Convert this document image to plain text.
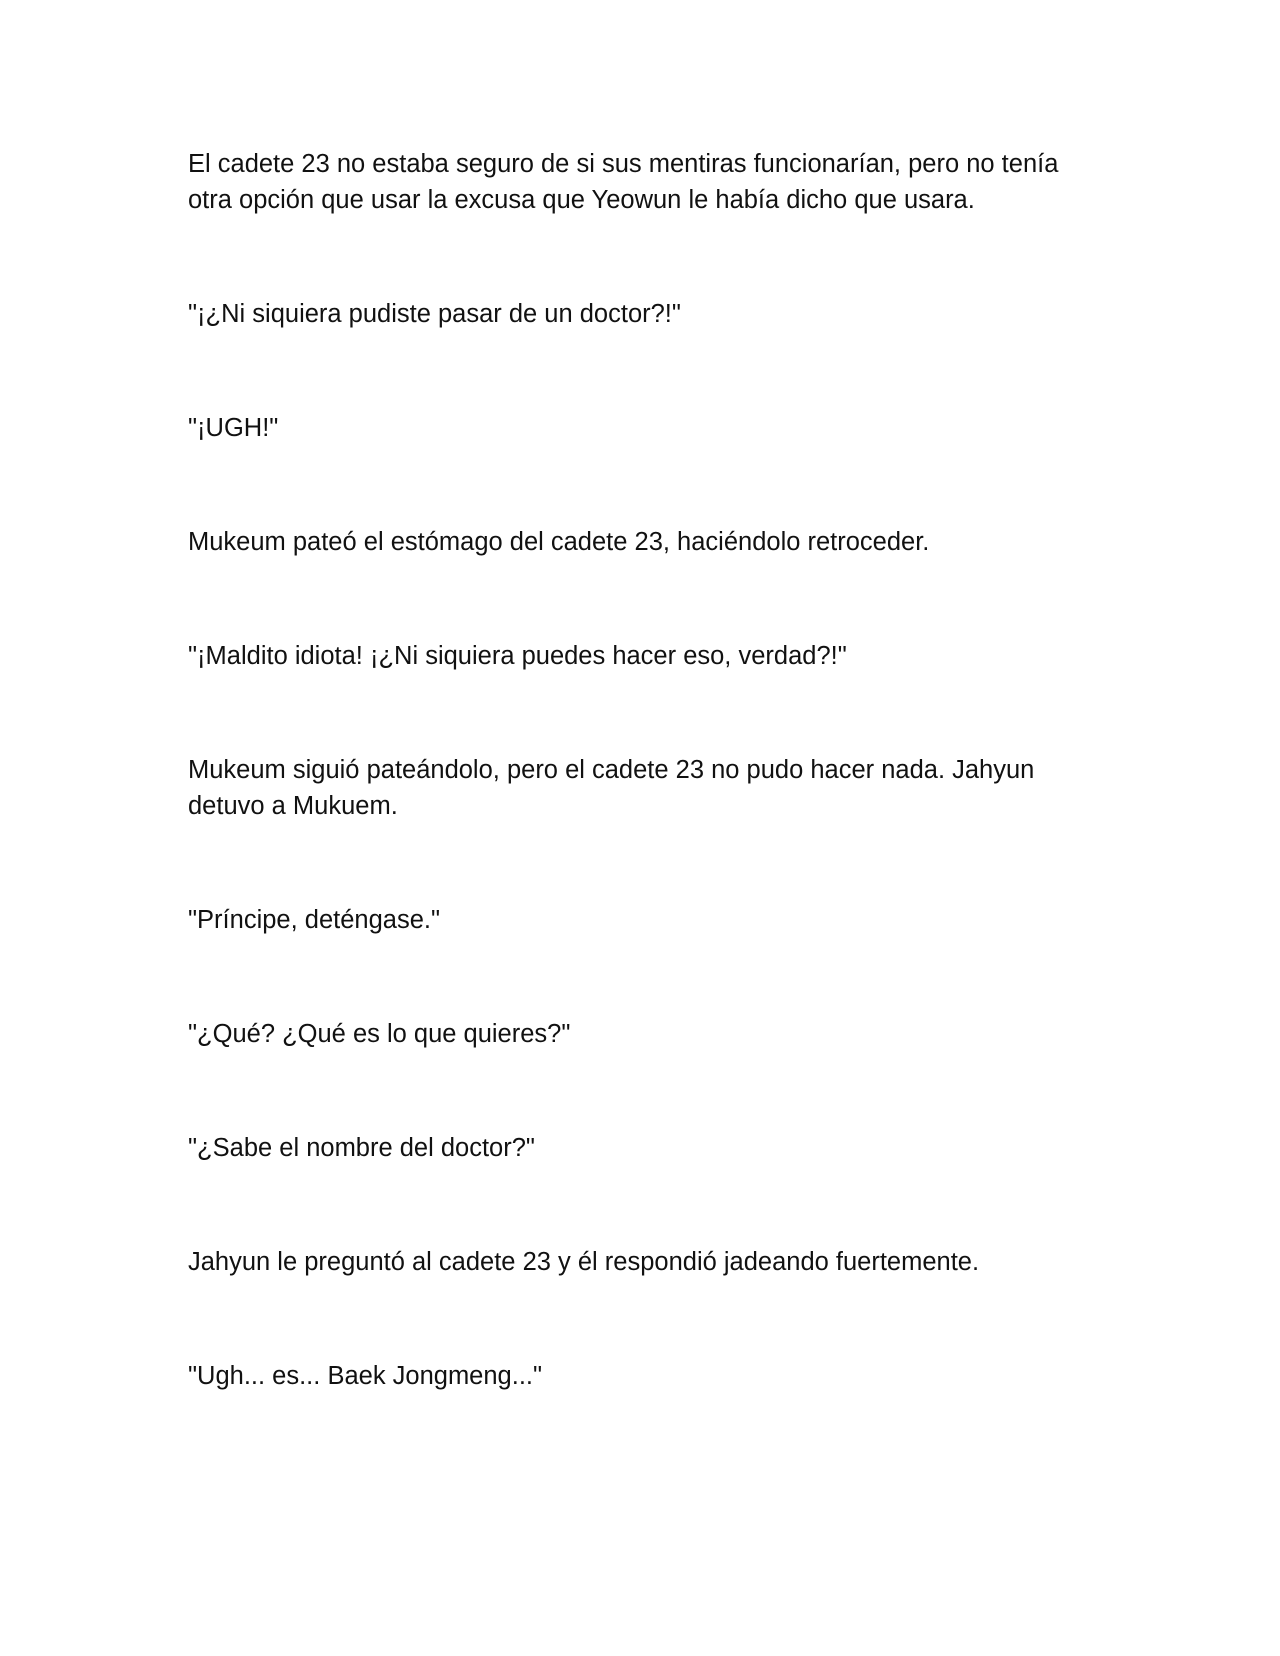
El cadete 23 no estaba seguro de si sus mentiras funcionarían, pero no tenía otra opción que usar la excusa que Yeowun le había dicho que usara.

"¡¿Ni siquiera pudiste pasar de un doctor?!"

"¡UGH!"

Mukeum pateó el estómago del cadete 23, haciéndolo retroceder.

"¡Maldito idiota! ¡¿Ni siquiera puedes hacer eso, verdad?!"

Mukeum siguió pateándolo, pero el cadete 23 no pudo hacer nada. Jahyun detuvo a Mukuem.

"Príncipe, deténgase."

"¿Qué? ¿Qué es lo que quieres?"

"¿Sabe el nombre del doctor?"

Jahyun le preguntó al cadete 23 y él respondió jadeando fuertemente.

"Ugh... es... Baek Jongmeng..."
